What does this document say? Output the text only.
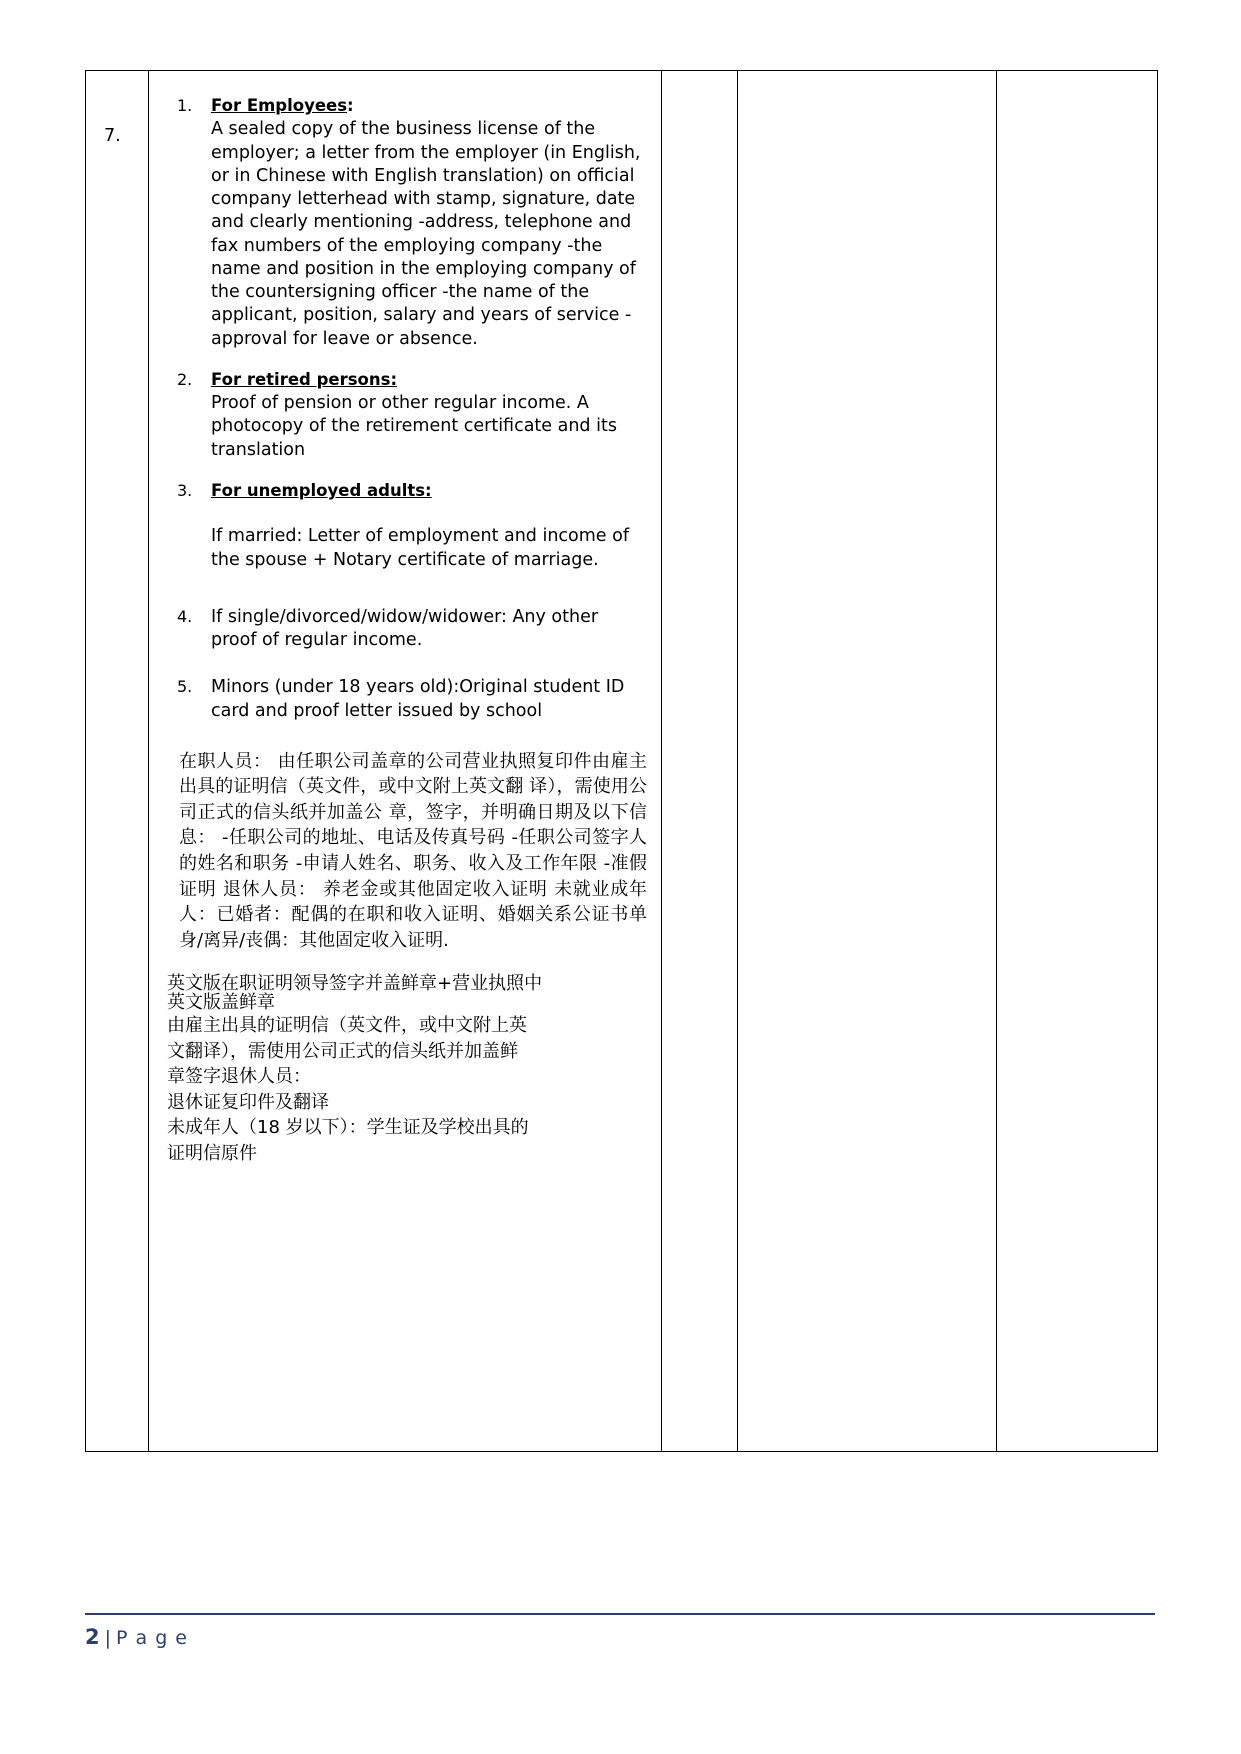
7.

1. For Employees:
A sealed copy of the business license of the employer; a letter from the employer (in English, or in Chinese with English translation) on official company letterhead with stamp, signature, date and clearly mentioning -address, telephone and fax numbers of the employing company -the name and position in the employing company of the countersigning officer -the name of the applicant, position, salary and years of service -approval for leave or absence.
2. For retired persons:
Proof of pension or other regular income. A photocopy of the retirement certificate and its translation
3. For unemployed adults:
If married: Letter of employment and income of the spouse + Notary certificate of marriage.
4. If single/divorced/widow/widower: Any other proof of regular income.
5. Minors (under 18 years old):Original student ID card and proof letter issued by school

在职人员： 由任职公司盖章的公司营业执照复印件由雇主出具的证明信（英文件，或中文附上英文翻 译），需使用公司正式的信头纸并加盖公 章，签字，并明确日期及以下信息： -任职公司的地址、电话及传真号码 -任职公司签字人的姓名和职务 -申请人姓名、职务、收入及工作年限 -准假证明 退休人员： 养老金或其他固定收入证明 未就业成年人：已婚者：配偶的在职和收入证明、婚姻关系公证书单 身/离异/丧偶：其他固定收入证明.

英文版在职证明领导签字并盖鲜章+营业执照中

英文版盖鲜章

由雇主出具的证明信（英文件，或中文附上英

文翻译），需使用公司正式的信头纸并加盖鲜

章签字退休人员：

退休证复印件及翻译

未成年人（18 岁以下）：学生证及学校出具的

证明信原件

2 | P a g e
